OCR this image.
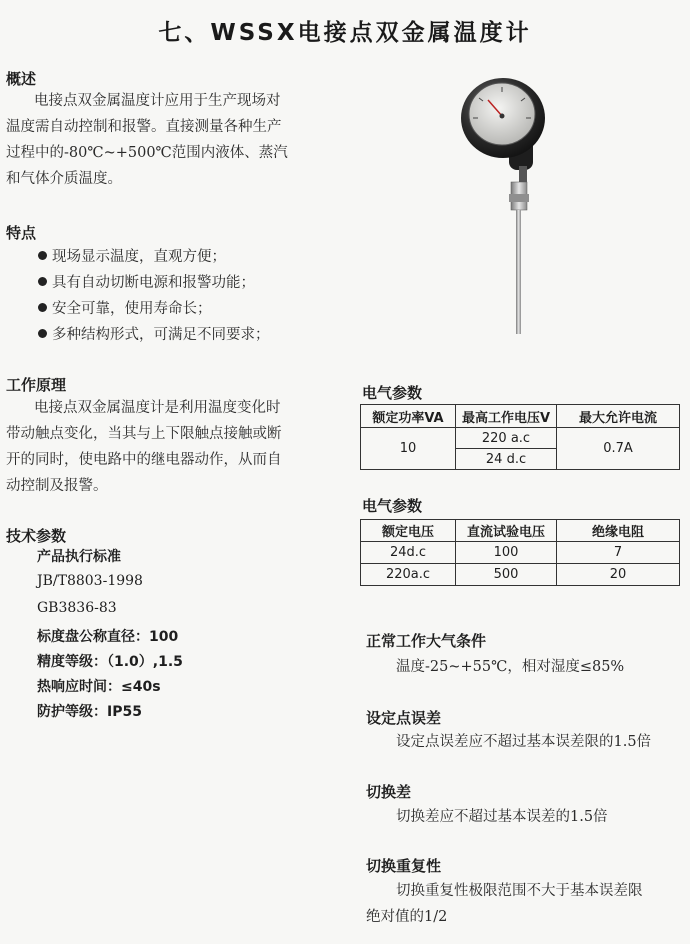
七、WSSX电接点双金属温度计
概述

电接点双金属温度计应用于生产现场对

温度需自动控制和报警。直接测量各种生产

过程中的-80℃~+500℃范围内液体、蒸汽

和气体介质温度。

特点
现场显示温度，直观方便；
具有自动切断电源和报警功能；
安全可靠，使用寿命长；
多种结构形式，可满足不同要求；
工作原理

电接点双金属温度计是利用温度变化时

带动触点变化，当其与上下限触点接触或断

开的同时，使电路中的继电器动作，从而自

动控制及报警。

技术参数
产品执行标准
JB/T8803-1998
GB3836-83
标度盘公称直径：100
精度等级：（1.0）,1.5
热响应时间：≤40s
防护等级：IP55
电气参数
额定功率VA	最高工作电压V	最大允许电流
10	220 a.c	0.7A
	24 d.c	
电气参数
额定电压	直流试验电压	绝缘电阻
24d.c	100	7
220a.c	500	20
正常工作大气条件
温度-25~+55℃，相对湿度≤85%
设定点误差
设定点误差应不超过基本误差限的1.5倍
切换差
切换差应不超过基本误差的1.5倍
切换重复性
切换重复性极限范围不大于基本误差限
绝对值的1/2
